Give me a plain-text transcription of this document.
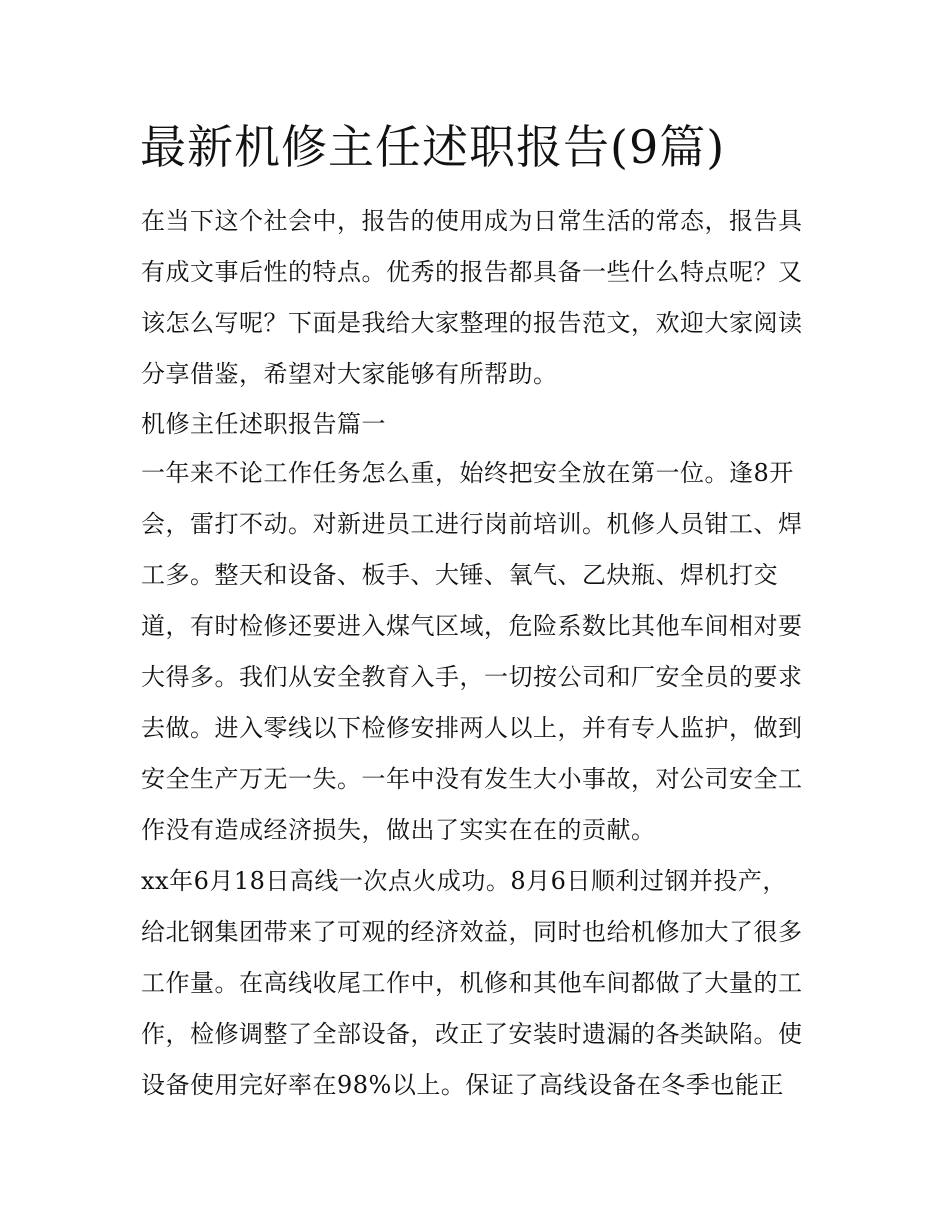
最新机修主任述职报告(9篇)
在当下这个社会中，报告的使用成为日常生活的常态，报告具
有成文事后性的特点。优秀的报告都具备一些什么特点呢？又
该怎么写呢？下面是我给大家整理的报告范文，欢迎大家阅读
分享借鉴，希望对大家能够有所帮助。
机修主任述职报告篇一
一年来不论工作任务怎么重，始终把安全放在第一位。逢8开
会，雷打不动。对新进员工进行岗前培训。机修人员钳工、焊
工多。整天和设备、板手、大锤、氧气、乙炔瓶、焊机打交
道，有时检修还要进入煤气区域，危险系数比其他车间相对要
大得多。我们从安全教育入手，一切按公司和厂安全员的要求
去做。进入零线以下检修安排两人以上，并有专人监护，做到
安全生产万无一失。一年中没有发生大小事故，对公司安全工
作没有造成经济损失，做出了实实在在的贡献。
xx年6月18日高线一次点火成功。8月6日顺利过钢并投产，
给北钢集团带来了可观的经济效益，同时也给机修加大了很多
工作量。在高线收尾工作中，机修和其他车间都做了大量的工
作，检修调整了全部设备，改正了安装时遗漏的各类缺陷。使
设备使用完好率在98%以上。保证了高线设备在冬季也能正
